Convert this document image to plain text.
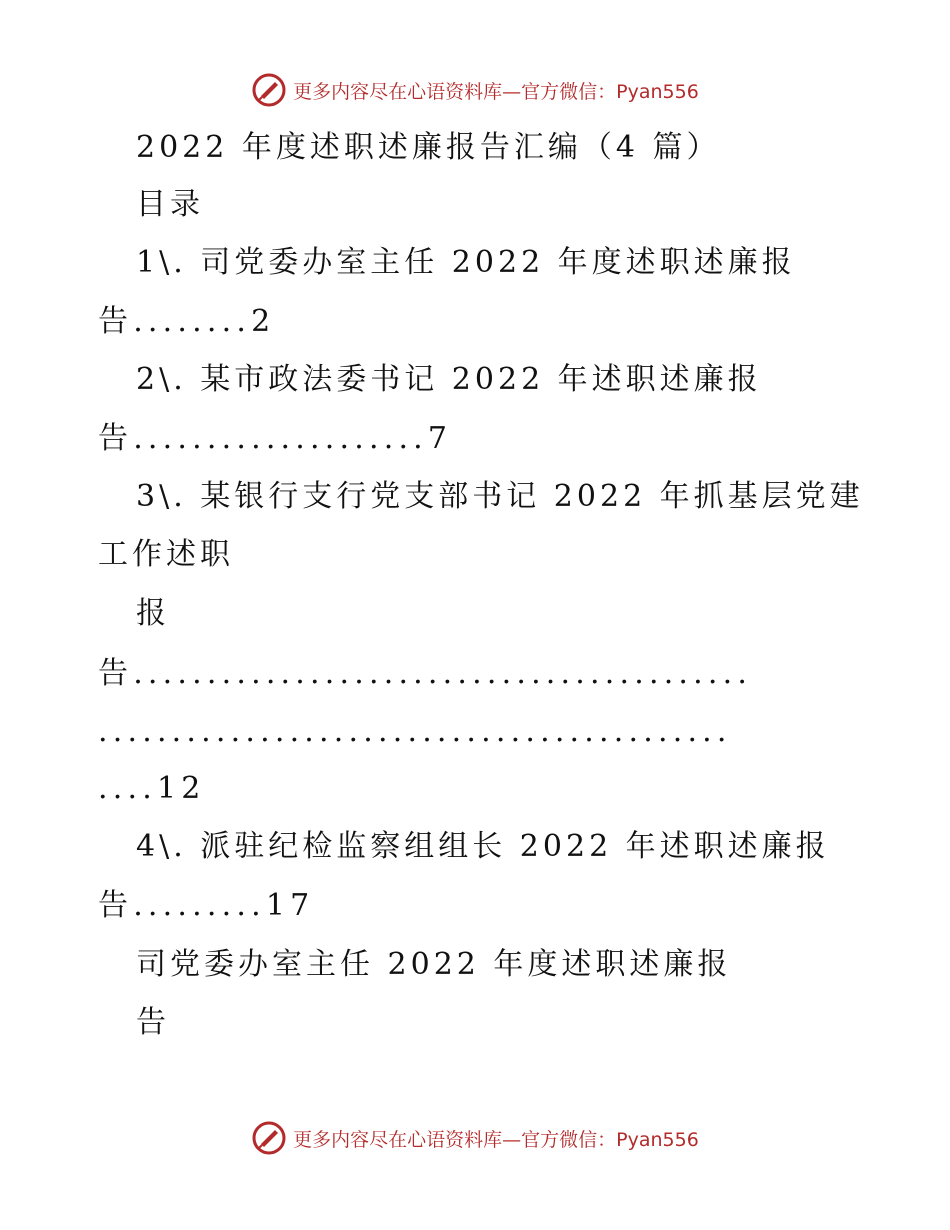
更多内容尽在心语资料库—官方微信：Pyan556
2022 年度述职述廉报告汇编（4 篇）
目录
1\. 司党委办室主任 2022 年度述职述廉报
告........2
2\. 某市政法委书记 2022 年述职述廉报
告....................7
3\. 某银行支行党支部书记 2022 年抓基层党建
工作述职
报
告..........................................
...........................................
....12
4\. 派驻纪检监察组组长 2022 年述职述廉报
告.........17
司党委办室主任 2022 年度述职述廉报
告
更多内容尽在心语资料库—官方微信：Pyan556
